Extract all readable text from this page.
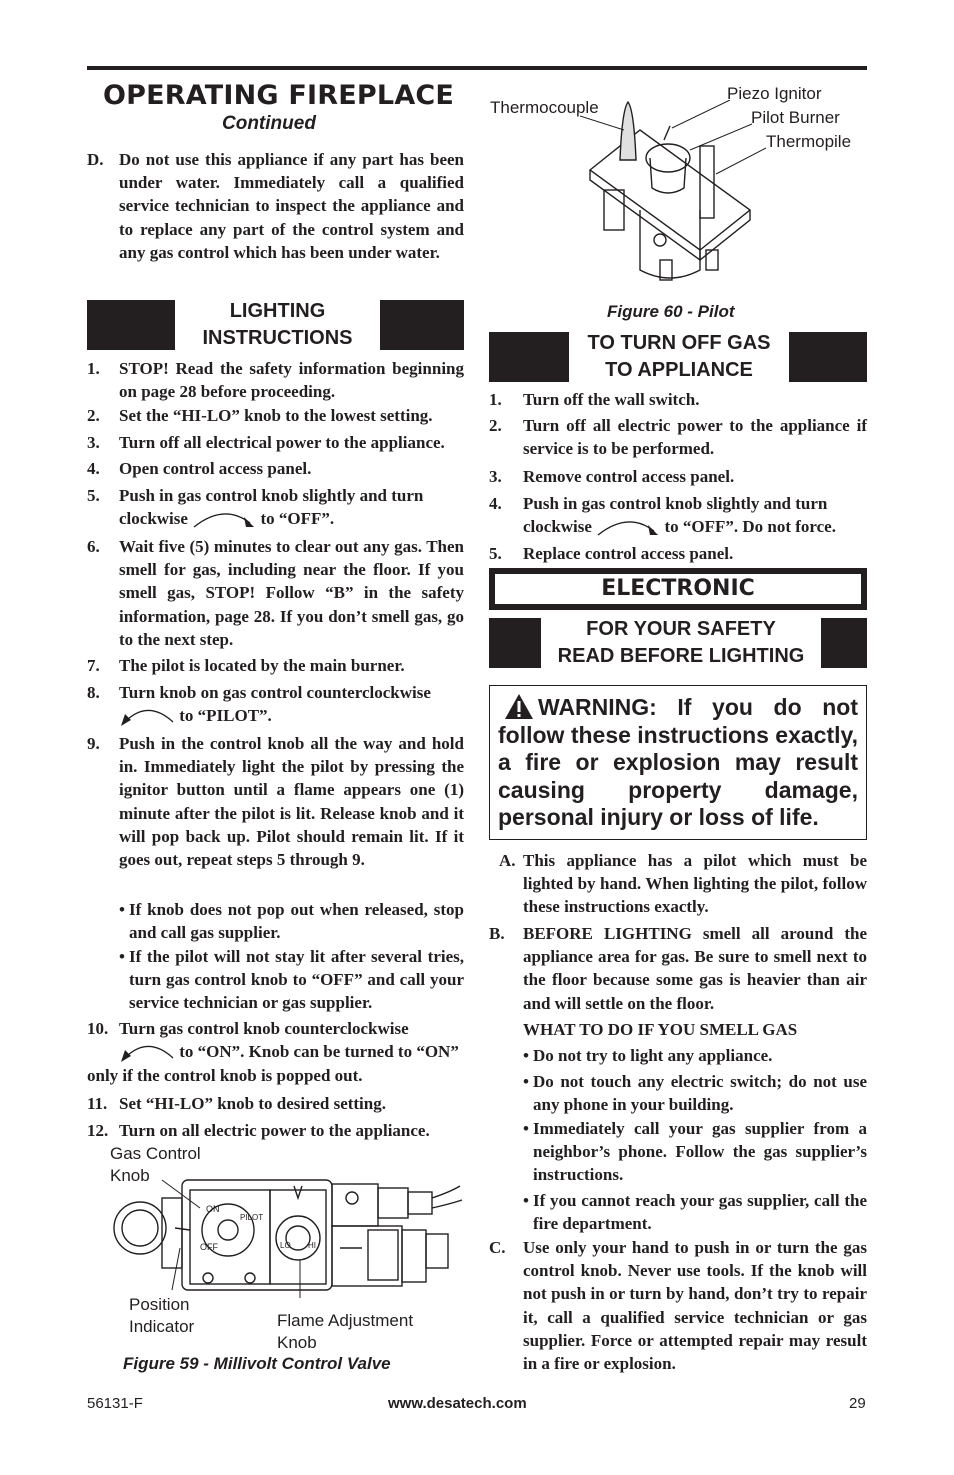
OPERATING FIREPLACE
Continued
D. Do not use this appliance if any part has been under water. Immediately call a qualified service technician to inspect the appliance and to replace any part of the control system and any gas control which has been under water.
LIGHTING
INSTRUCTIONS
1. STOP! Read the safety information beginning on page 28 before proceeding.
2. Set the “HI-LO” knob to the lowest setting.
3. Turn off all electrical power to the appliance.
4. Open control access panel.
5. Push in gas control knob slightly and turn
clockwise	to “OFF”.
6. Wait five (5) minutes to clear out any gas. Then smell for gas, including near the floor. If you smell gas, STOP! Follow “B” in the safety information, page 28. If you don’t smell gas, go to the next step.
7. The pilot is located by the main burner.
8. Turn knob on gas control counterclockwise
to “PILOT”.
9. Push in the control knob all the way and hold in. Immediately light the pilot by pressing the ignitor button until a flame appears one (1) minute after the pilot is lit. Release knob and it will pop back up. Pilot should remain lit. If it goes out, repeat steps 5 through 9.
• If knob does not pop out when released, stop and call gas supplier.
• If the pilot will not stay lit after several tries, turn gas control knob to “OFF” and call your service technician or gas supplier.
10. Turn gas control knob counterclockwise
to “ON”. Knob can be turned to “ON”
only if the control knob is popped out.
11. Set “HI-LO” knob to desired setting.
12. Turn on all electric power to the appliance.
Gas Control
Knob
ON
OFF
PILOT
LO HI
Position
Indicator	Flame Adjustment
Knob
Figure 59 - Millivolt Control Valve
Thermocouple
Piezo Ignitor
Pilot Burner
Thermopile
Figure 60 - Pilot
TO TURN OFF GAS
TO APPLIANCE
1. Turn off the wall switch.
2. Turn off all electric power to the appliance if service is to be performed.
3. Remove control access panel.
4. Push in gas control knob slightly and turn
clockwise	to “OFF”. Do not force.
5. Replace control access panel.
ELECTRONIC
FOR YOUR SAFETY
READ BEFORE LIGHTING
WARNING: If you do not follow these instructions exactly, a fire or explosion may result causing property damage, personal injury or loss of life.
A. This appliance has a pilot which must be lighted by hand. When lighting the pilot, follow these instructions exactly.
B. BEFORE LIGHTING smell all around the appliance area for gas. Be sure to smell next to the floor because some gas is heavier than air and will settle on the floor.
WHAT TO DO IF YOU SMELL GAS
• Do not try to light any appliance.
• Do not touch any electric switch; do not use any phone in your building.
• Immediately call your gas supplier from a neighbor’s phone. Follow the gas supplier’s instructions.
• If you cannot reach your gas supplier, call the fire department.
C. Use only your hand to push in or turn the gas control knob. Never use tools. If the knob will not push in or turn by hand, don’t try to repair it, call a qualified service technician or gas supplier. Force or attempted repair may result in a fire or explosion.
56131-F	www.desatech.com	29
